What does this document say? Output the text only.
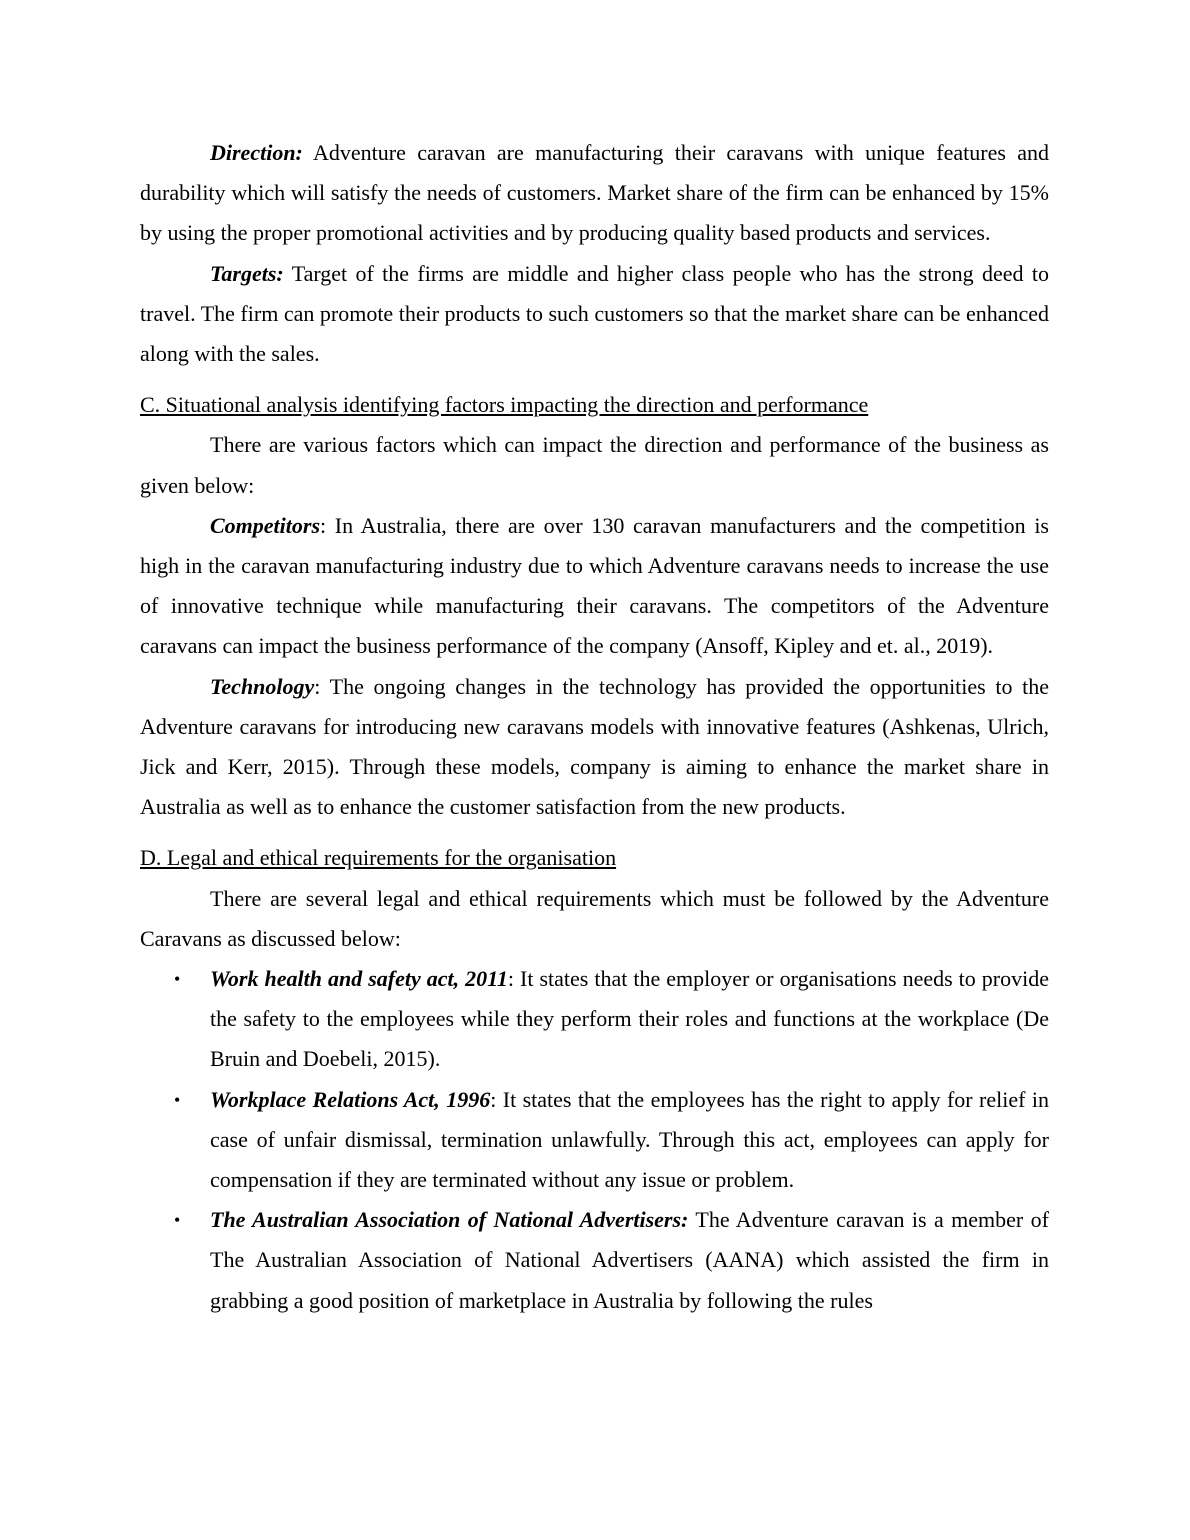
Direction: Adventure caravan are manufacturing their caravans with unique features and durability which will satisfy the needs of customers. Market share of the firm can be enhanced by 15% by using the proper promotional activities and by producing quality based products and services.

Targets: Target of the firms are middle and higher class people who has the strong deed to travel. The firm can promote their products to such customers so that the market share can be enhanced along with the sales.

C. Situational analysis identifying factors impacting the direction and performance

There are various factors which can impact the direction and performance of the business as given below:

Competitors: In Australia, there are over 130 caravan manufacturers and the competition is high in the caravan manufacturing industry due to which Adventure caravans needs to increase the use of innovative technique while manufacturing their caravans. The competitors of the Adventure caravans can impact the business performance of the company (Ansoff, Kipley and et. al., 2019).

Technology: The ongoing changes in the technology has provided the opportunities to the Adventure caravans for introducing new caravans models with innovative features (Ashkenas, Ulrich, Jick and Kerr, 2015). Through these models, company is aiming to enhance the market share in Australia as well as to enhance the customer satisfaction from the new products.

D. Legal and ethical requirements for the organisation

There are several legal and ethical requirements which must be followed by the Adventure Caravans as discussed below:

• Work health and safety act, 2011: It states that the employer or organisations needs to provide the safety to the employees while they perform their roles and functions at the workplace (De Bruin and Doebeli, 2015).
• Workplace Relations Act, 1996: It states that the employees has the right to apply for relief in case of unfair dismissal, termination unlawfully. Through this act, employees can apply for compensation if they are terminated without any issue or problem.
• The Australian Association of National Advertisers: The Adventure caravan is a member of The Australian Association of National Advertisers (AANA) which assisted the firm in grabbing a good position of marketplace in Australia by following the rules
